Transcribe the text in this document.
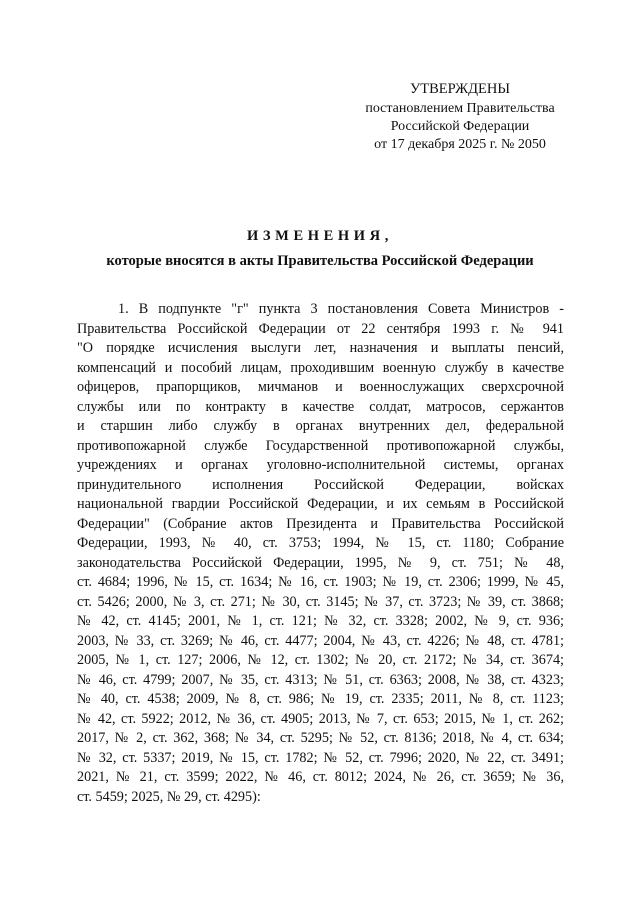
УТВЕРЖДЕНЫ
постановлением Правительства
Российской Федерации
от 17 декабря 2025 г. № 2050
ИЗМЕНЕНИЯ,
которые вносятся в акты Правительства Российской Федерации
1. В подпункте "г" пункта 3 постановления Совета Министров -
Правительства Российской Федерации от 22 сентября 1993 г. № 941
"О порядке исчисления выслуги лет, назначения и выплаты пенсий,
компенсаций и пособий лицам, проходившим военную службу в качестве
офицеров, прапорщиков, мичманов и военнослужащих сверхсрочной
службы или по контракту в качестве солдат, матросов, сержантов
и старшин либо службу в органах внутренних дел, федеральной
противопожарной службе Государственной противопожарной службы,
учреждениях и органах уголовно-исполнительной системы, органах
принудительного исполнения Российской Федерации, войсках
национальной гвардии Российской Федерации, и их семьям в Российской
Федерации" (Собрание актов Президента и Правительства Российской
Федерации, 1993, № 40, ст. 3753; 1994, № 15, ст. 1180; Собрание
законодательства Российской Федерации, 1995, № 9, ст. 751; № 48,
ст. 4684; 1996, № 15, ст. 1634; № 16, ст. 1903; № 19, ст. 2306; 1999, № 45,
ст. 5426; 2000, № 3, ст. 271; № 30, ст. 3145; № 37, ст. 3723; № 39, ст. 3868;
№ 42, ст. 4145; 2001, № 1, ст. 121; № 32, ст. 3328; 2002, № 9, ст. 936;
2003, № 33, ст. 3269; № 46, ст. 4477; 2004, № 43, ст. 4226; № 48, ст. 4781;
2005, № 1, ст. 127; 2006, № 12, ст. 1302; № 20, ст. 2172; № 34, ст. 3674;
№ 46, ст. 4799; 2007, № 35, ст. 4313; № 51, ст. 6363; 2008, № 38, ст. 4323;
№ 40, ст. 4538; 2009, № 8, ст. 986; № 19, ст. 2335; 2011, № 8, ст. 1123;
№ 42, ст. 5922; 2012, № 36, ст. 4905; 2013, № 7, ст. 653; 2015, № 1, ст. 262;
2017, № 2, ст. 362, 368; № 34, ст. 5295; № 52, ст. 8136; 2018, № 4, ст. 634;
№ 32, ст. 5337; 2019, № 15, ст. 1782; № 52, ст. 7996; 2020, № 22, ст. 3491;
2021, № 21, ст. 3599; 2022, № 46, ст. 8012; 2024, № 26, ст. 3659; № 36,
ст. 5459; 2025, № 29, ст. 4295):
